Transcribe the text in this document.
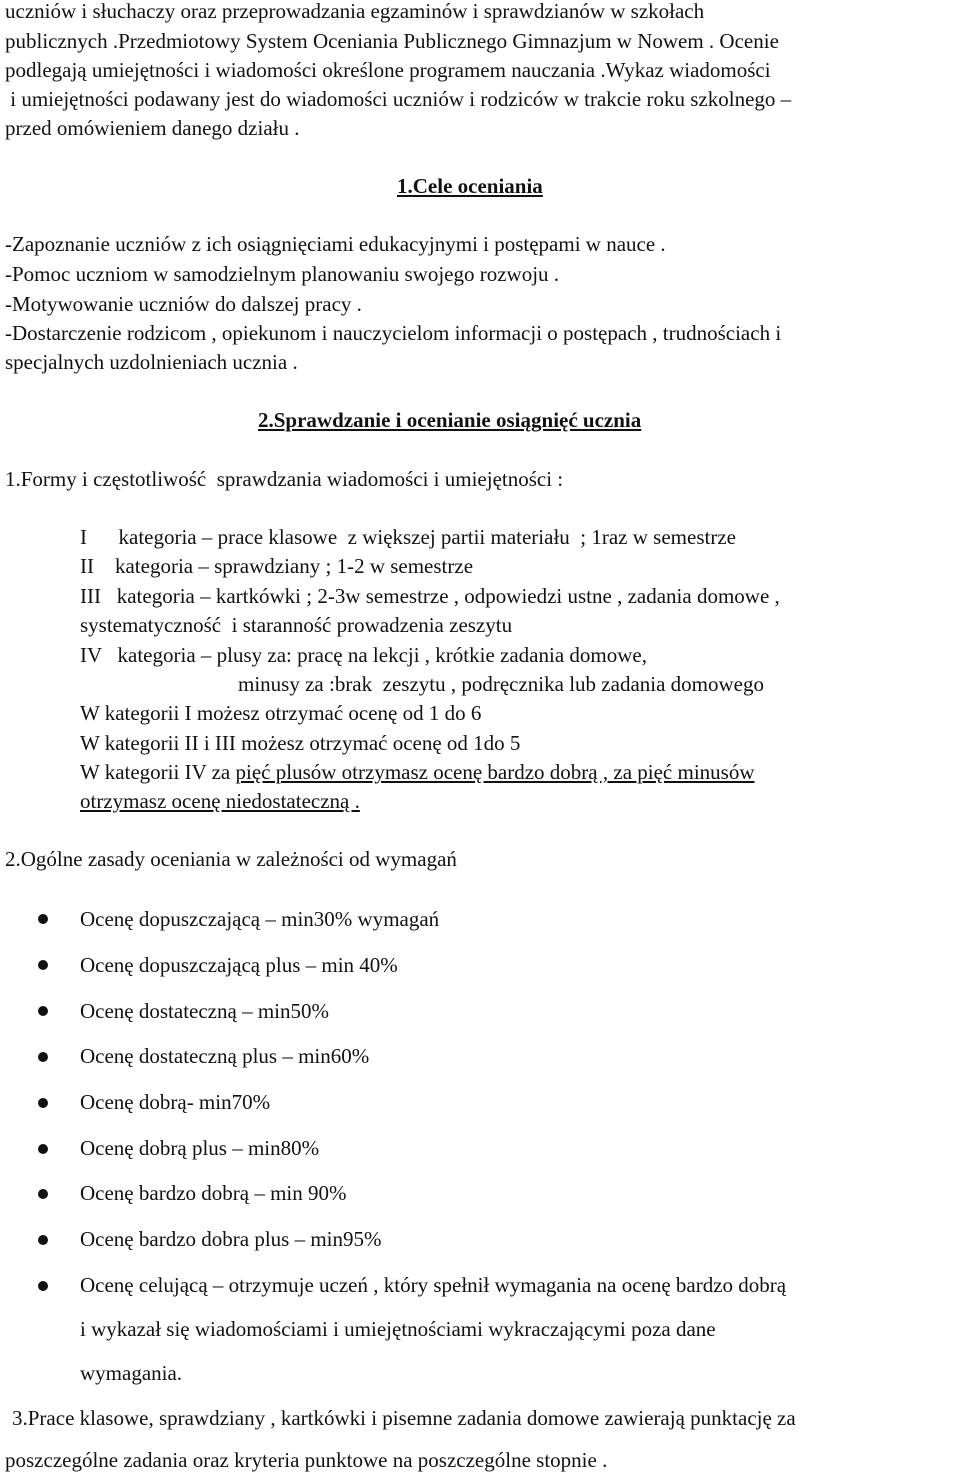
uczniów i słuchaczy oraz przeprowadzania egzaminów i sprawdzianów w szkołach
publicznych .Przedmiotowy System Oceniania Publicznego Gimnazjum w Nowem . Ocenie
podlegają umiejętności i wiadomości określone programem nauczania .Wykaz wiadomości
i umiejętności podawany jest do wiadomości uczniów i rodziców w trakcie roku szkolnego –
przed omówieniem danego działu .
1.Cele oceniania
-Zapoznanie uczniów z ich osiągnięciami edukacyjnymi i postępami w nauce .
-Pomoc uczniom w samodzielnym planowaniu swojego rozwoju .
-Motywowanie uczniów do dalszej pracy .
-Dostarczenie rodzicom , opiekunom i nauczycielom informacji o postępach , trudnościach i
specjalnych uzdolnieniach ucznia .
2.Sprawdzanie i ocenianie osiągnięć ucznia
1.Formy i częstotliwość  sprawdzania wiadomości i umiejętności :
I      kategoria – prace klasowe  z większej partii materiału  ; 1raz w semestrze
II    kategoria – sprawdziany ; 1-2 w semestrze
III   kategoria – kartkówki ; 2-3w semestrze , odpowiedzi ustne , zadania domowe ,
systematyczność  i staranność prowadzenia zeszytu
IV   kategoria – plusy za: pracę na lekcji , krótkie zadania domowe,
minusy za :brak  zeszytu , podręcznika lub zadania domowego
W kategorii I możesz otrzymać ocenę od 1 do 6
W kategorii II i III możesz otrzymać ocenę od 1do 5
W kategorii IV za pięć plusów otrzymasz ocenę bardzo dobrą , za pięć minusów
otrzymasz ocenę niedostateczną .
2.Ogólne zasady oceniania w zależności od wymagań
Ocenę dopuszczającą – min30% wymagań
Ocenę dopuszczającą plus – min 40%
Ocenę dostateczną – min50%
Ocenę dostateczną plus – min60%
Ocenę dobrą- min70%
Ocenę dobrą plus – min80%
Ocenę bardzo dobrą – min 90%
Ocenę bardzo dobra plus – min95%
Ocenę celującą – otrzymuje uczeń , który spełnił wymagania na ocenę bardzo dobrą
i wykazał się wiadomościami i umiejętnościami wykraczającymi poza dane
wymagania.
3.Prace klasowe, sprawdziany , kartkówki i pisemne zadania domowe zawierają punktację za
poszczególne zadania oraz kryteria punktowe na poszczególne stopnie .
